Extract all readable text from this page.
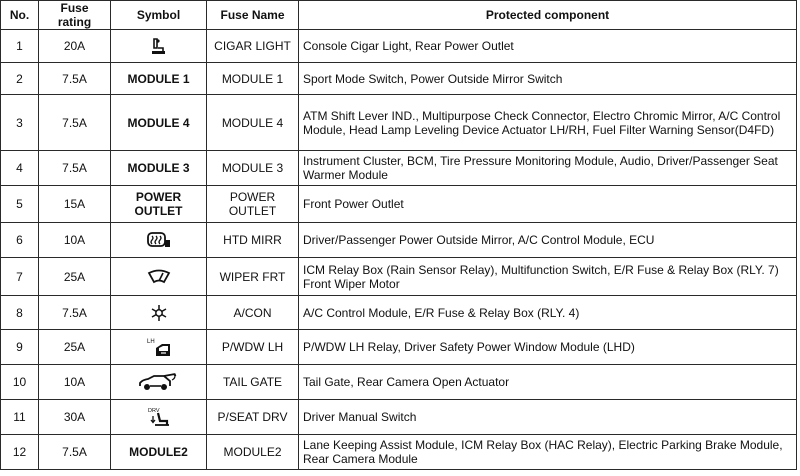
No.	Fuse rating	Symbol	Fuse Name	Protected component
1	20A		CIGAR LIGHT	Console Cigar Light, Rear Power Outlet
2	7.5A	MODULE 1	MODULE 1	Sport Mode Switch, Power Outside Mirror Switch
3	7.5A	MODULE 4	MODULE 4	ATM Shift Lever IND., Multipurpose Check Connector, Electro Chromic Mirror, A/C Control Module, Head Lamp Leveling Device Actuator LH/RH, Fuel Filter Warning Sensor(D4FD)
4	7.5A	MODULE 3	MODULE 3	Instrument Cluster, BCM, Tire Pressure Monitoring Module, Audio, Driver/Passenger Seat Warmer Module
5	15A	POWER OUTLET	POWER OUTLET	Front Power Outlet
6	10A		HTD MIRR	Driver/Passenger Power Outside Mirror, A/C Control Module, ECU
7	25A		WIPER FRT	ICM Relay Box (Rain Sensor Relay), Multifunction Switch, E/R Fuse & Relay Box (RLY. 7) Front Wiper Motor
8	7.5A		A/CON	A/C Control Module, E/R Fuse & Relay Box (RLY. 4)
9	25A	LH	P/WDW LH	P/WDW LH Relay, Driver Safety Power Window Module (LHD)
10	10A		TAIL GATE	Tail Gate, Rear Camera Open Actuator
11	30A	DRV	P/SEAT DRV	Driver Manual Switch
12	7.5A	MODULE2	MODULE2	Lane Keeping Assist Module, ICM Relay Box (HAC Relay), Electric Parking Brake Module, Rear Camera Module
